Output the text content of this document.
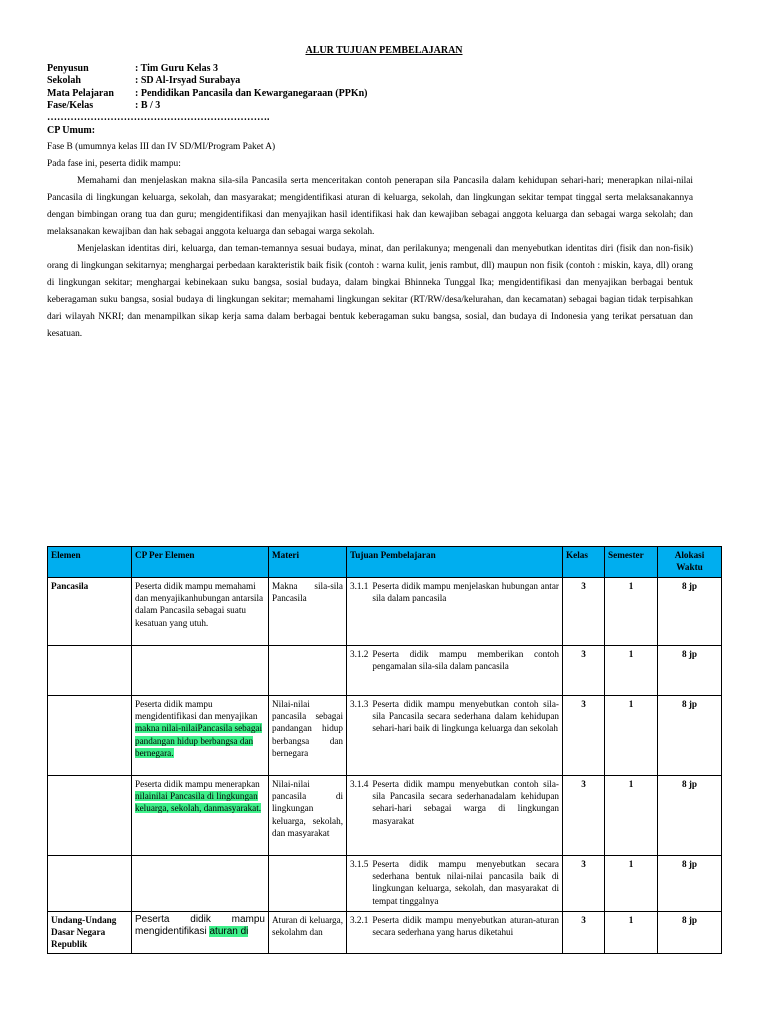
ALUR TUJUAN PEMBELAJARAN
Penyusun	: Tim Guru Kelas 3
Sekolah	: SD Al-Irsyad Surabaya
Mata Pelajaran : Pendidikan Pancasila dan Kewarganegaraan (PPKn)
Fase/Kelas	: B / 3
………………………………………………………….
CP Umum:

Fase B (umumnya kelas III dan IV SD/MI/Program Paket A)

Pada fase ini, peserta didik mampu:

Memahami dan menjelaskan makna sila-sila Pancasila serta menceritakan contoh penerapan sila Pancasila dalam kehidupan sehari-hari; menerapkan nilai-nilai Pancasila di lingkungan keluarga, sekolah, dan masyarakat; mengidentifikasi aturan di keluarga, sekolah, dan lingkungan sekitar tempat tinggal serta melaksanakannya dengan bimbingan orang tua dan guru; mengidentifikasi dan menyajikan hasil identifikasi hak dan kewajiban sebagai anggota keluarga dan sebagai warga sekolah; dan melaksanakan kewajiban dan hak sebagai anggota keluarga dan sebagai warga sekolah.

Menjelaskan identitas diri, keluarga, dan teman-temannya sesuai budaya, minat, dan perilakunya; mengenali dan menyebutkan identitas diri (fisik dan non-fisik) orang di lingkungan sekitarnya; menghargai perbedaan karakteristik baik fisik (contoh : warna kulit, jenis rambut, dll) maupun non fisik (contoh : miskin, kaya, dll) orang di lingkungan sekitar; menghargai kebinekaan suku bangsa, sosial budaya, dalam bingkai Bhinneka Tunggal Ika; mengidentifikasi dan menyajikan berbagai bentuk keberagaman suku bangsa, sosial budaya di lingkungan sekitar; memahami lingkungan sekitar (RT/RW/desa/kelurahan, dan kecamatan) sebagai bagian tidak terpisahkan dari wilayah NKRI; dan menampilkan sikap kerja sama dalam berbagai bentuk keberagaman suku bangsa, sosial, dan budaya di Indonesia yang terikat persatuan dan kesatuan.

Elemen	CP Per Elemen	Materi	Tujuan Pembelajaran	Kelas	Semester	Alokasi Waktu
Pancasila	Peserta didik mampu memahami dan menyajikanhubungan antarsila dalam Pancasila sebagai suatu kesatuan yang utuh.	Makna sila-sila Pancasila	3.1.1 Peserta didik mampu menjelaskan hubungan antar sila dalam pancasila	3	1	8 jp

			3.1.2 Peserta didik mampu memberikan contoh pengamalan sila-sila dalam pancasila	3	1	8 jp
	Peserta didik mampu mengidentifikasi dan menyajikan makna nilai-nilaiPancasila sebagai pandangan hidup berbangsa dan bernegara.	Nilai-nilai pancasila sebagai pandangan hidup berbangsa dan bernegara	3.1.3 Peserta didik mampu menyebutkan contoh sila-sila Pancasila secara sederhana dalam kehidupan sehari-hari baik di lingkunga keluarga dan sekolah	3	1	8 jp
	Peserta didik mampu menerapkan nilainilai Pancasila di lingkungan keluarga, sekolah, danmasyarakat.	Nilai-nilai pancasila di lingkungan keluarga, sekolah, dan masyarakat	3.1.4 Peserta didik mampu menyebutkan contoh sila-sila Pancasila secara sederhanadalam kehidupan sehari-hari sebagai warga di lingkungan masyarakat	3	1	8 jp

			3.1.5 Peserta didik mampu menyebutkan secara sederhana bentuk nilai-nilai pancasila baik di lingkungan keluarga, sekolah, dan masyarakat di tempat tinggalnya	3	1	8 jp
Undang-Undang Dasar Negara Republik	Peserta didik mampu mengidentifikasi aturan di	Aturan di keluarga, sekolahm dan	3.2.1 Peserta didik mampu menyebutkan aturan-aturan secara sederhana yang harus diketahui	3	1	8 jp
